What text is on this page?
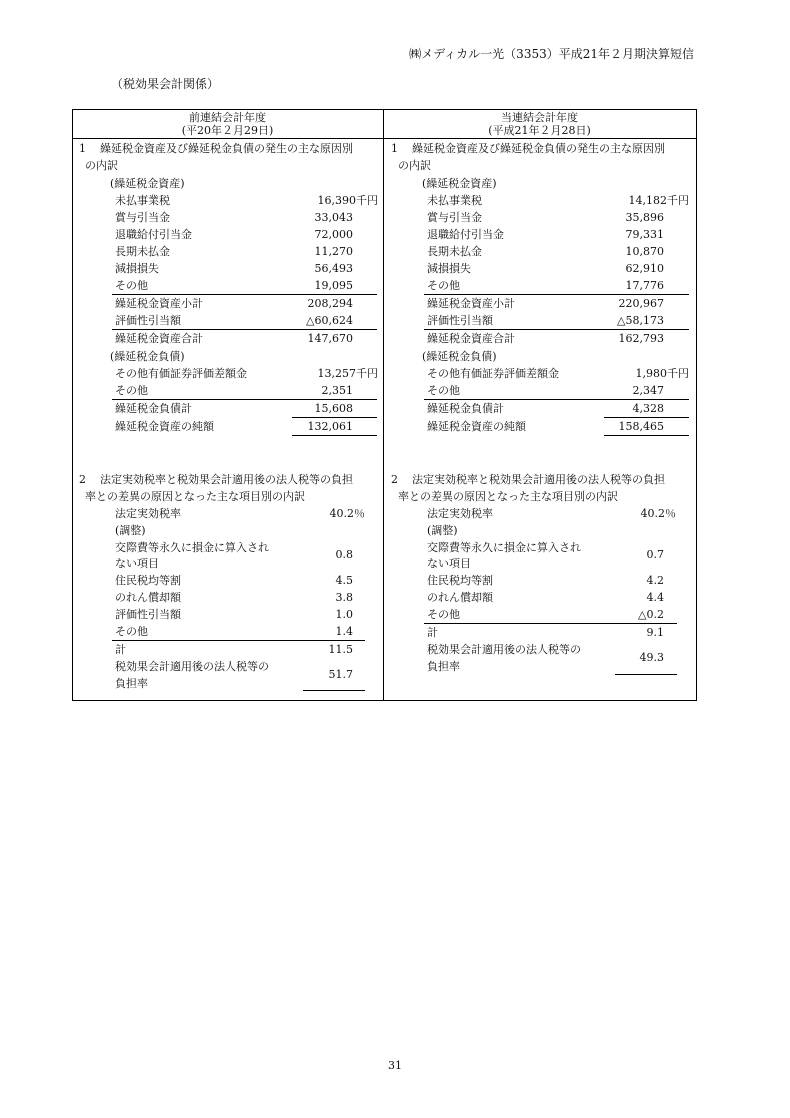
㈱メディカル一光（3353）平成21年２月期決算短信
（税効果会計関係）
前連結会計年度
(平20年２月29日)
当連結会計年度
(平成21年２月28日)
1 繰延税金資産及び繰延税金負債の発生の主な原因別
の内訳
(繰延税金資産)
未払事業税	16,390千円
賞与引当金	33,043
退職給付引当金	72,000
長期未払金	11,270
減損損失	56,493
その他	19,095
繰延税金資産小計	208,294
評価性引当額	△60,624
繰延税金資産合計	147,670
(繰延税金負債)
その他有価証券評価差額金	13,257千円
その他	2,351
繰延税金負債計	15,608
繰延税金資産の純額	132,061
2 法定実効税率と税効果会計適用後の法人税等の負担
率との差異の原因となった主な項目別の内訳
法定実効税率	40.2％
(調整)
交際費等永久に損金に算入され
ない項目
0.8
住民税均等割	4.5
のれん償却額	3.8
評価性引当額	1.0
その他	1.4
計	11.5
税効果会計適用後の法人税等の
負担率
51.7
1 繰延税金資産及び繰延税金負債の発生の主な原因別
の内訳
(繰延税金資産)
未払事業税	14,182千円
賞与引当金	35,896
退職給付引当金	79,331
長期未払金	10,870
減損損失	62,910
その他	17,776
繰延税金資産小計	220,967
評価性引当額	△58,173
繰延税金資産合計	162,793
(繰延税金負債)
その他有価証券評価差額金	1,980千円
その他	2,347
繰延税金負債計	4,328
繰延税金資産の純額	158,465
2 法定実効税率と税効果会計適用後の法人税等の負担
率との差異の原因となった主な項目別の内訳
法定実効税率	40.2％
(調整)
交際費等永久に損金に算入され
ない項目
0.7
住民税均等割	4.2
のれん償却額	4.4
その他	△0.2
計	9.1
税効果会計適用後の法人税等の
負担率
49.3
31
